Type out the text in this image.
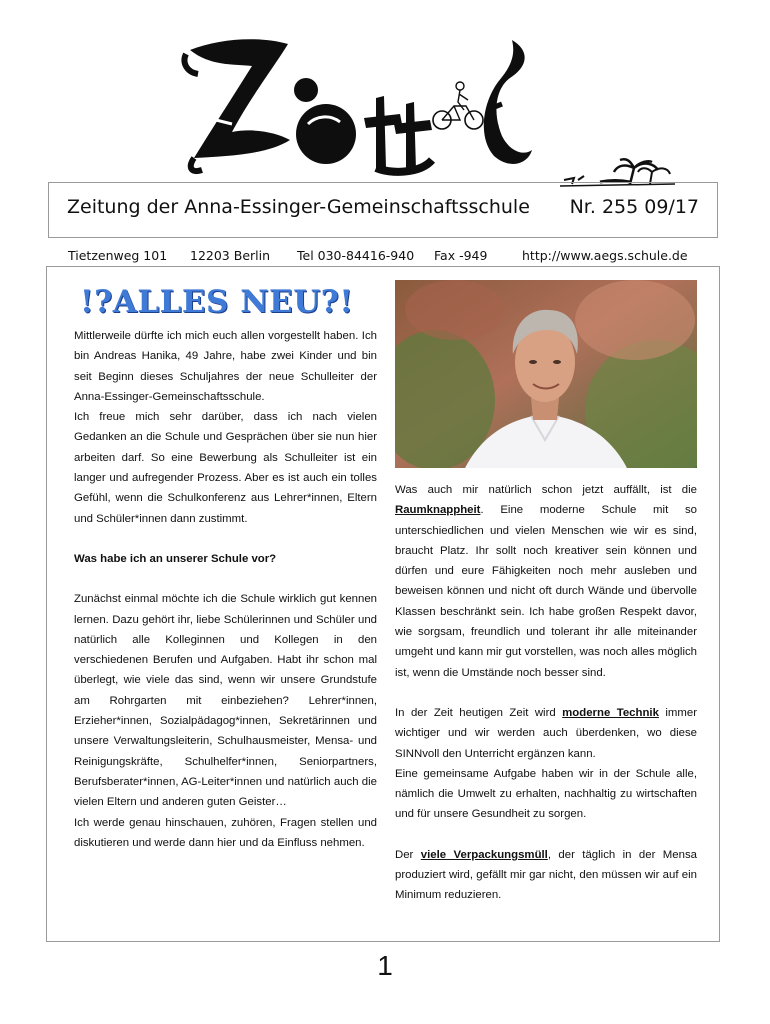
Zeitung der Anna-Essinger-Gemeinschaftsschule Nr. 255 09/17
Tietzenweg 101 12203 Berlin Tel 030-84416-940 Fax -949	http://www.aegs.schule.de
!?ALLES NEU?!

Mittlerweile dürfte ich mich euch allen vorgestellt haben. Ich bin Andreas Hanika, 49 Jahre, habe zwei Kinder und bin seit Beginn dieses Schuljahres der neue Schulleiter der Anna-Essinger-Gemeinschaftsschule.

Ich freue mich sehr darüber, dass ich nach vielen Gedanken an die Schule und Gesprächen über sie nun hier arbeiten darf. So eine Bewerbung als Schulleiter ist ein langer und aufregender Prozess. Aber es ist auch ein tolles Gefühl, wenn die Schulkonferenz aus Lehrer*innen, Eltern und Schüler*innen dann zustimmt.

Was habe ich an unserer Schule vor?

Zunächst einmal möchte ich die Schule wirklich gut kennen lernen. Dazu gehört ihr, liebe Schülerinnen und Schüler und natürlich alle Kolleginnen und Kollegen in den verschiedenen Berufen und Aufgaben. Habt ihr schon mal überlegt, wie viele das sind, wenn wir unsere Grundstufe am Rohrgarten mit einbeziehen? Lehrer*innen, Erzieher*innen, Sozialpädagog*innen, Sekretärinnen und unsere Verwaltungsleiterin, Schulhausmeister, Mensa- und Reinigungskräfte, Schulhelfer*innen, Seniorpartners, Berufsberater*innen, AG-Leiter*innen und natürlich auch die vielen Eltern und anderen guten Geister…

Ich werde genau hinschauen, zuhören, Fragen stellen und diskutieren und werde dann hier und da Einfluss nehmen.

Was auch mir natürlich schon jetzt auffällt, ist die Raumknappheit. Eine moderne Schule mit so unterschiedlichen und vielen Menschen wie wir es sind, braucht Platz. Ihr sollt noch kreativer sein können und dürfen und eure Fähigkeiten noch mehr ausleben und beweisen können und nicht oft durch Wände und übervolle Klassen beschränkt sein. Ich habe großen Respekt davor, wie sorgsam, freundlich und tolerant ihr alle miteinander umgeht und kann mir gut vorstellen, was noch alles möglich ist, wenn die Umstände noch besser sind.

In der Zeit heutigen Zeit wird moderne Technik immer wichtiger und wir werden auch überdenken, wo diese SINNvoll den Unterricht ergänzen kann.

Eine gemeinsame Aufgabe haben wir in der Schule alle, nämlich die Umwelt zu erhalten, nachhaltig zu wirtschaften und für unsere Gesundheit zu sorgen.

Der viele Verpackungsmüll, der täglich in der Mensa produziert wird, gefällt mir gar nicht, den müssen wir auf ein Minimum reduzieren.

1
